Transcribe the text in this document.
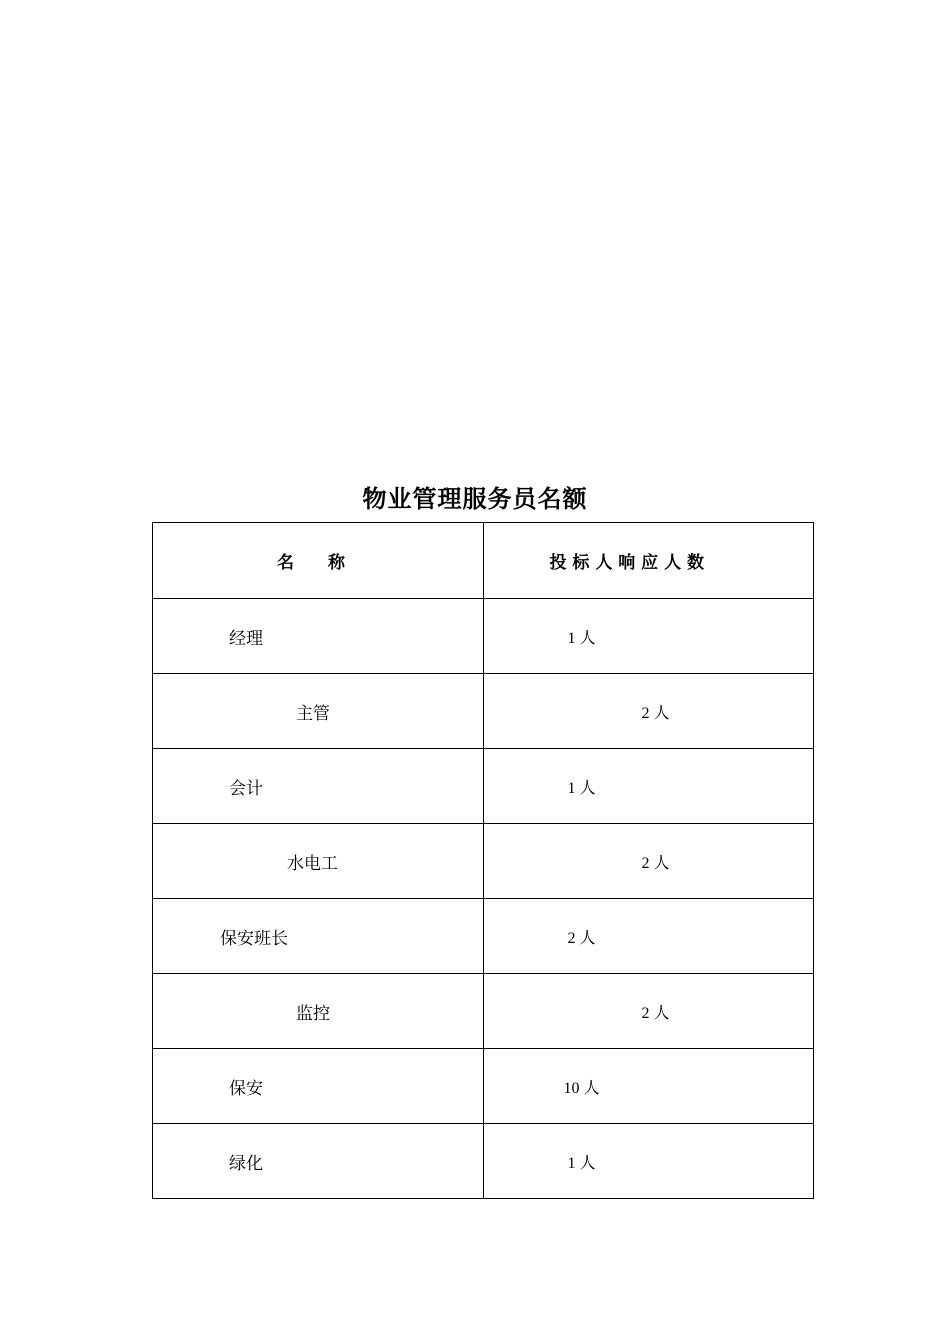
物业管理服务员名额
名　　称	投 标 人 响 应 人 数
经理	1 人
主管	2 人
会计	1 人
水电工	2 人
保安班长	2 人
监控	2 人
保安	10 人
绿化	1 人
